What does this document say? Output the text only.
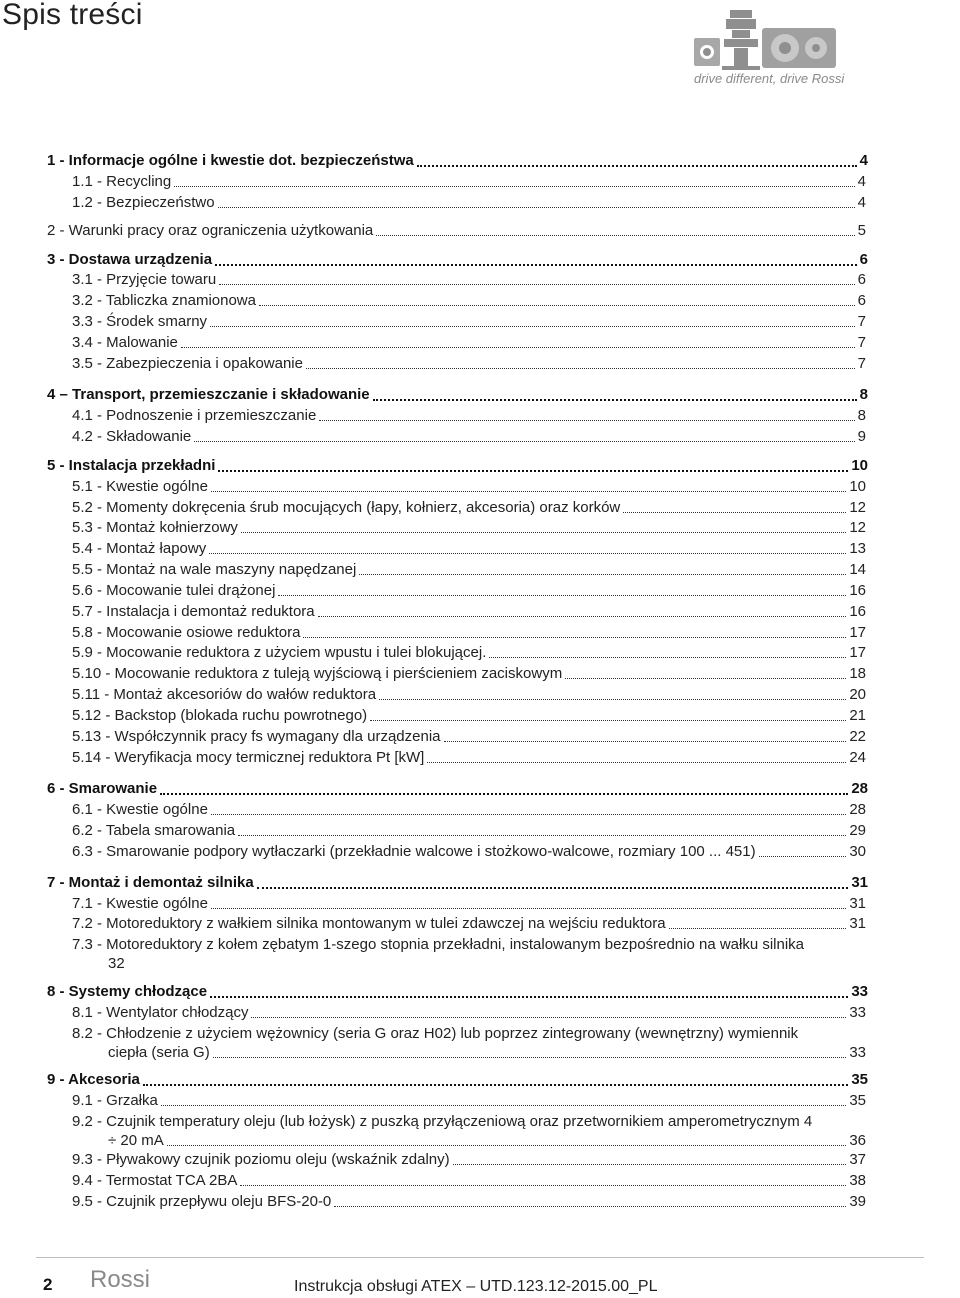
Spis treści
drive different, drive Rossi
1 - Informacje ogólne i kwestie dot. bezpieczeństwa	4
1.1 - Recycling	4
1.2 - Bezpieczeństwo	4
2 - Warunki pracy oraz ograniczenia użytkowania	5
3 - Dostawa urządzenia	6
3.1 - Przyjęcie towaru	6
3.2 - Tabliczka znamionowa	6
3.3 - Środek smarny	7
3.4 - Malowanie	7
3.5 - Zabezpieczenia i opakowanie	7
4 – Transport, przemieszczanie i składowanie	8
4.1 - Podnoszenie i przemieszczanie	8
4.2 - Składowanie	9
5 - Instalacja przekładni	10
5.1 - Kwestie ogólne	10
5.2 - Momenty dokręcenia śrub mocujących (łapy, kołnierz, akcesoria) oraz korków	12
5.3 - Montaż kołnierzowy	12
5.4 - Montaż łapowy	13
5.5 - Montaż na wale maszyny napędzanej	14
5.6 - Mocowanie tulei drążonej	16
5.7 - Instalacja i demontaż reduktora	16
5.8 - Mocowanie osiowe reduktora	17
5.9 - Mocowanie reduktora z użyciem wpustu i tulei blokującej.	17
5.10 - Mocowanie reduktora z tuleją wyjściową i pierścieniem zaciskowym	18
5.11 - Montaż akcesoriów do wałów reduktora	20
5.12 - Backstop (blokada ruchu powrotnego)	21
5.13 - Współczynnik pracy fs wymagany dla urządzenia	22
5.14 - Weryfikacja mocy termicznej reduktora Pt [kW]	24
6 - Smarowanie	28
6.1 - Kwestie ogólne	28
6.2 - Tabela smarowania	29
6.3 - Smarowanie podpory wytłaczarki (przekładnie walcowe i stożkowo-walcowe, rozmiary 100 ... 451)	30
7 - Montaż i demontaż silnika	31
7.1 - Kwestie ogólne	31
7.2 - Motoreduktory z wałkiem silnika montowanym w tulei zdawczej na wejściu reduktora	31
7.3 - Motoreduktory z kołem zębatym 1-szego stopnia przekładni, instalowanym bezpośrednio na wałku silnika
32
8 - Systemy chłodzące	33
8.1 - Wentylator chłodzący	33
8.2 - Chłodzenie z użyciem wężownicy (seria G oraz H02) lub poprzez zintegrowany (wewnętrzny) wymiennik
ciepła (seria G)	33
9 - Akcesoria	35
9.1 - Grzałka	35
9.2 - Czujnik temperatury oleju (lub łożysk) z puszką przyłączeniową oraz przetwornikiem amperometrycznym 4
÷ 20 mA	36
9.3 - Pływakowy czujnik poziomu oleju (wskaźnik zdalny)	37
9.4 - Termostat TCA 2BA	38
9.5 - Czujnik przepływu oleju BFS-20-0	39
2 Rossi	Instrukcja obsługi ATEX – UTD.123.12-2015.00_PL
